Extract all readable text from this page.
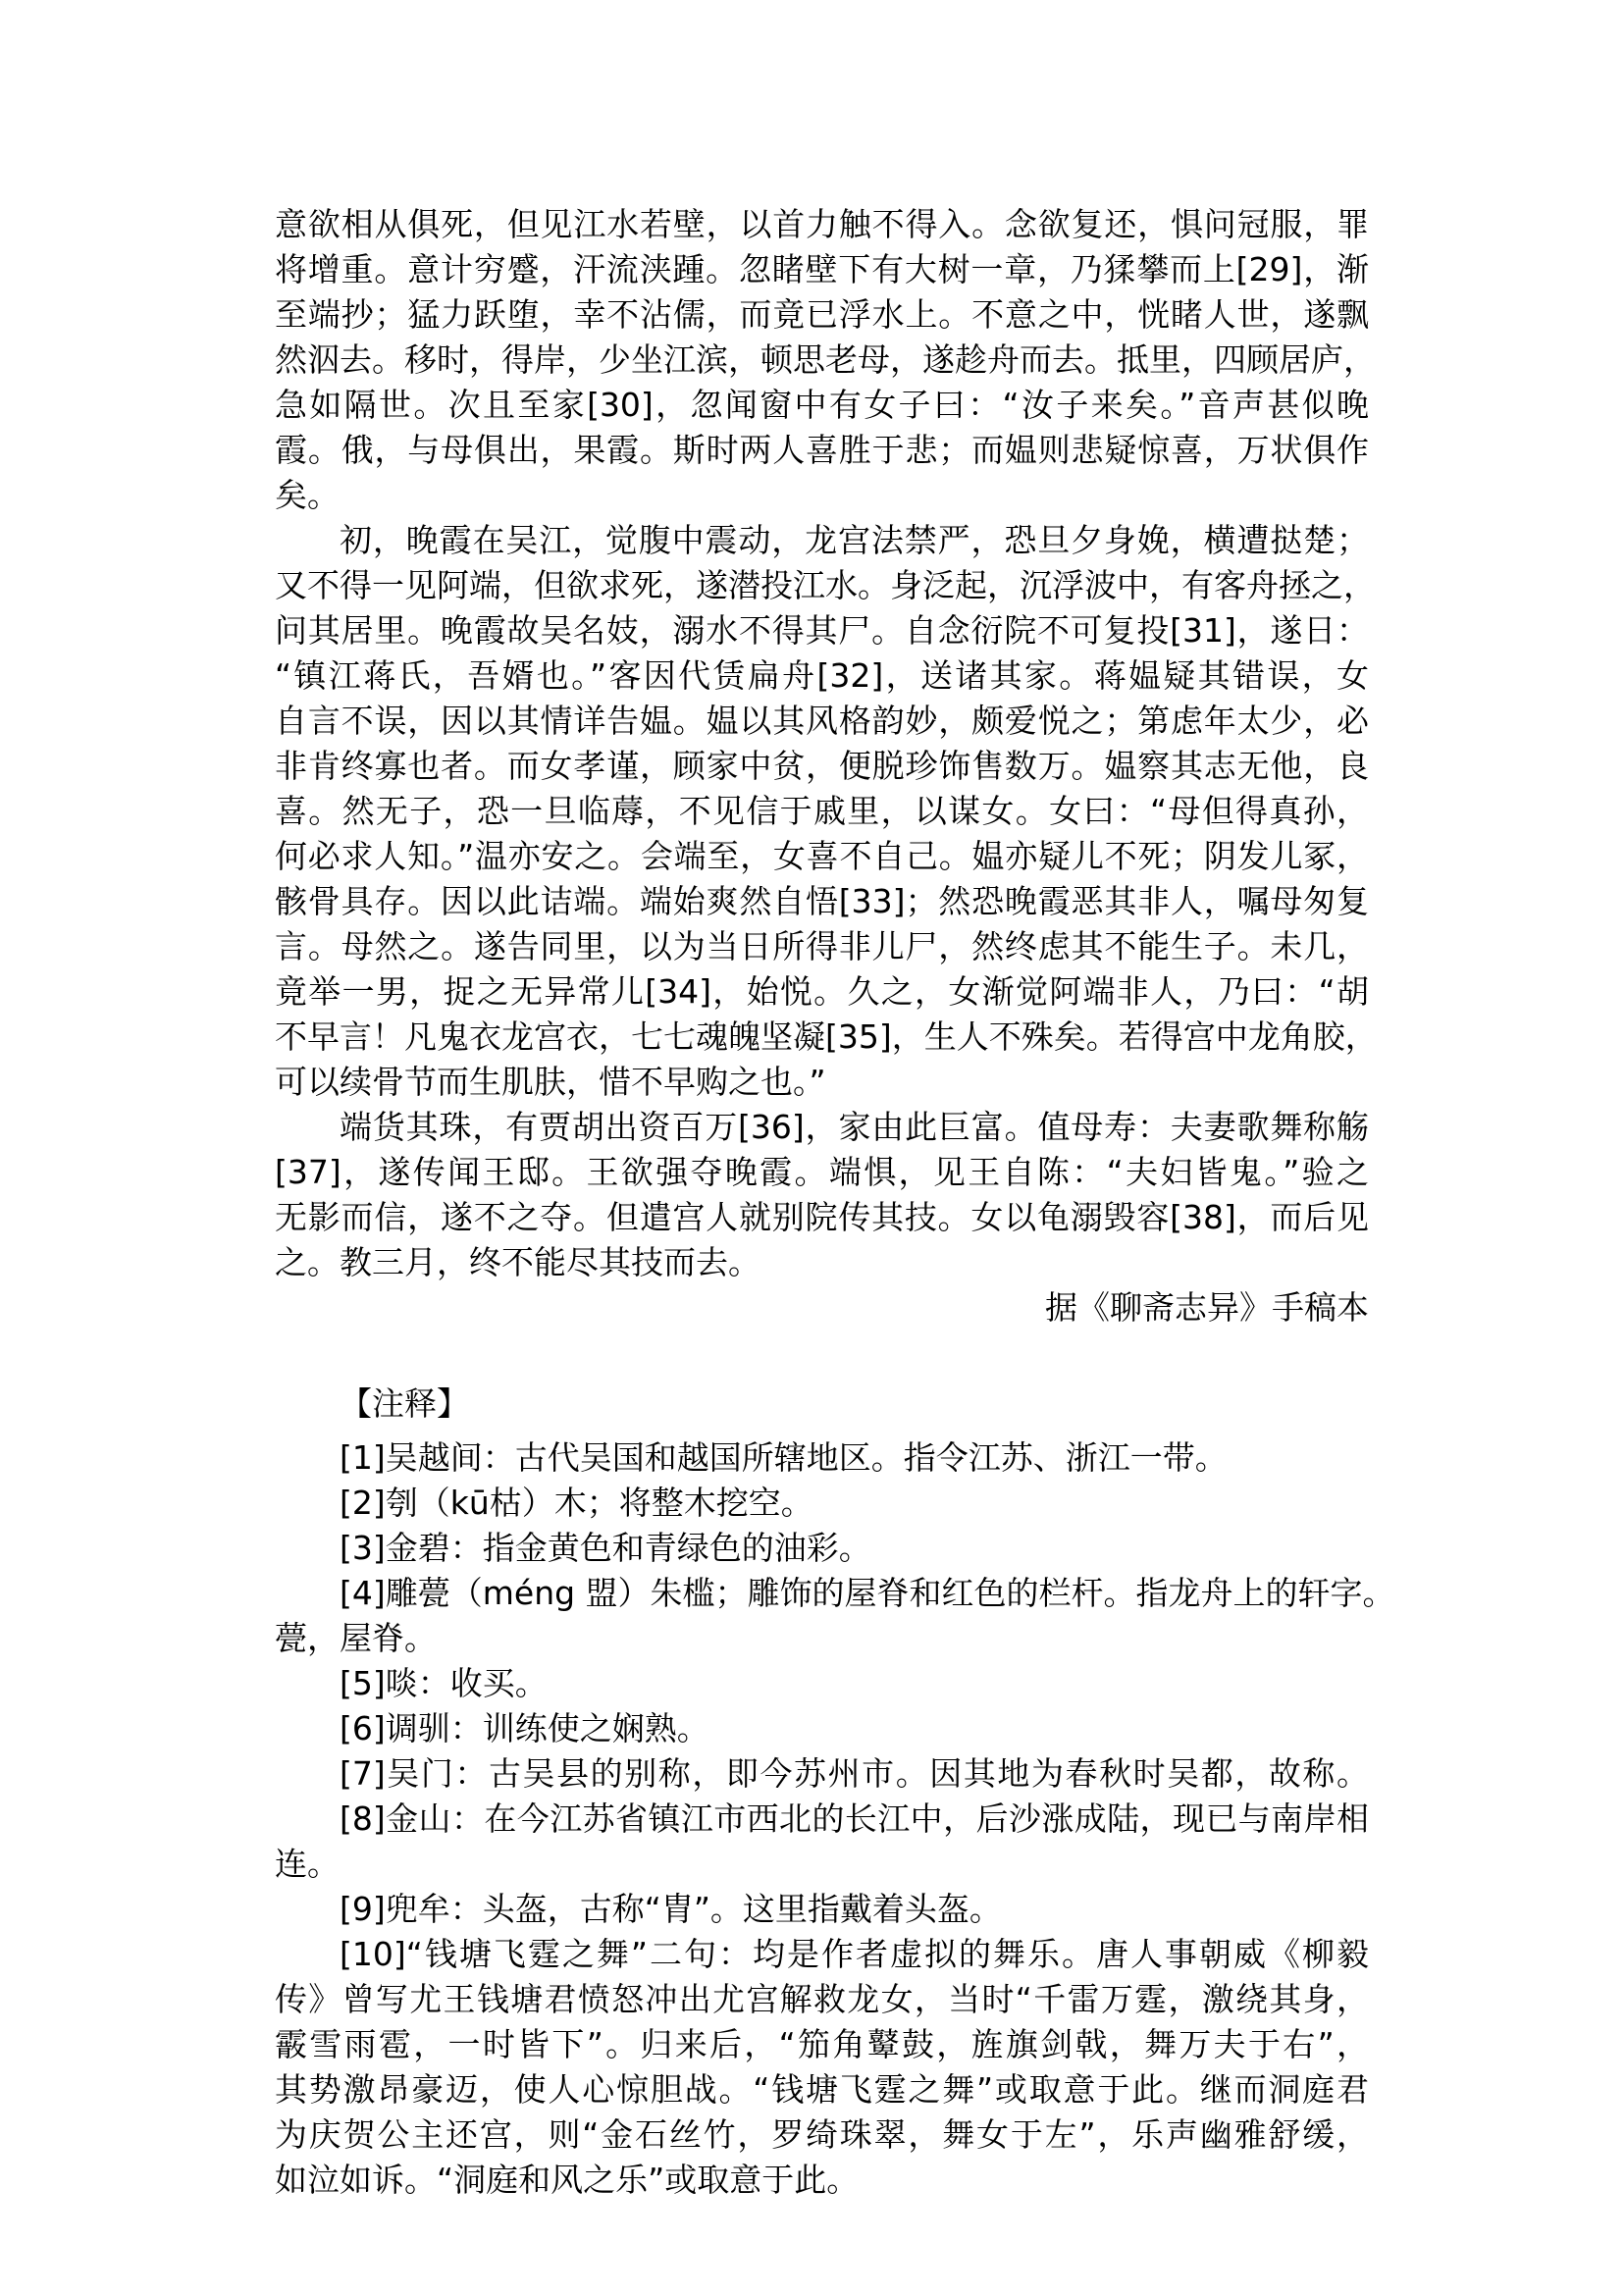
意欲相从俱死，但见江水若壁，以首力触不得入。念欲复还，惧问冠服，罪
将增重。意计穷蹙，汗流浃踵。忽睹壁下有大树一章，乃猱攀而上[29]，渐
至端抄；猛力跃堕，幸不沾儒，而竟已浮水上。不意之中，恍睹人世，遂飘
然泅去。移时，得岸，少坐江滨，顿思老母，遂趁舟而去。抵里，四顾居庐，
急如隔世。次且至家[30]，忽闻窗中有女子曰：“汝子来矣。”音声甚似晚
霞。俄，与母俱出，果霞。斯时两人喜胜于悲；而媪则悲疑惊喜，万状俱作
矣。
初，晚霞在吴江，觉腹中震动，龙宫法禁严，恐旦夕身娩，横遭挞楚；
又不得一见阿端，但欲求死，遂潜投江水。身泛起，沉浮波中，有客舟拯之，
问其居里。晚霞故吴名妓，溺水不得其尸。自念衍院不可复投[31]，遂日：
“镇江蒋氏，吾婿也。”客因代赁扁舟[32]，送诸其家。蒋媪疑其错误，女
自言不误，因以其情详告媪。媪以其风格韵妙，颇爱悦之；第虑年太少，必
非肯终寡也者。而女孝谨，顾家中贫，便脱珍饰售数万。媪察其志无他，良
喜。然无子，恐一旦临蓐，不见信于戚里，以谋女。女曰：“母但得真孙，
何必求人知。”温亦安之。会端至，女喜不自己。媪亦疑儿不死；阴发儿冢，
骸骨具存。因以此诘端。端始爽然自悟[33]；然恐晚霞恶其非人，嘱母匆复
言。母然之。遂告同里，以为当日所得非儿尸，然终虑其不能生子。未几，
竟举一男，捉之无异常儿[34]，始悦。久之，女渐觉阿端非人，乃曰：“胡
不早言！凡鬼衣龙宫衣，七七魂魄坚凝[35]，生人不殊矣。若得宫中龙角胶，
可以续骨节而生肌肤，惜不早购之也。”
端货其珠，有贾胡出资百万[36]，家由此巨富。值母寿：夫妻歌舞称觞
[37]，遂传闻王邸。王欲强夺晚霞。端惧，见王自陈：“夫妇皆鬼。”验之
无影而信，遂不之夺。但遣宫人就别院传其技。女以龟溺毁容[38]，而后见
之。教三月，终不能尽其技而去。
据《聊斋志异》手稿本
【注释】
[1]吴越间：古代吴国和越国所辖地区。指令江苏、浙江一带。
[2]刳（kū枯）木；将整木挖空。
[3]金碧：指金黄色和青绿色的油彩。
[4]雕甍（méng 盟）朱槛；雕饰的屋脊和红色的栏杆。指龙舟上的轩字。
甍，屋脊。
[5]啖：收买。
[6]调驯：训练使之娴熟。
[7]吴门：古吴县的别称，即今苏州市。因其地为春秋时吴都，故称。
[8]金山：在今江苏省镇江市西北的长江中，后沙涨成陆，现已与南岸相
连。
[9]兜牟：头盔，古称“胄”。这里指戴着头盔。
[10]“钱塘飞霆之舞”二句：均是作者虚拟的舞乐。唐人事朝威《柳毅
传》曾写尤王钱塘君愤怒冲出尤宫解救龙女，当时“千雷万霆，激绕其身，
霰雪雨雹，一时皆下”。归来后，“笳角鼙鼓，旌旗剑戟，舞万夫于右”，
其势激昂豪迈，使人心惊胆战。“钱塘飞霆之舞”或取意于此。继而洞庭君
为庆贺公主还宫，则“金石丝竹，罗绮珠翠，舞女于左”，乐声幽雅舒缓，
如泣如诉。“洞庭和风之乐”或取意于此。
